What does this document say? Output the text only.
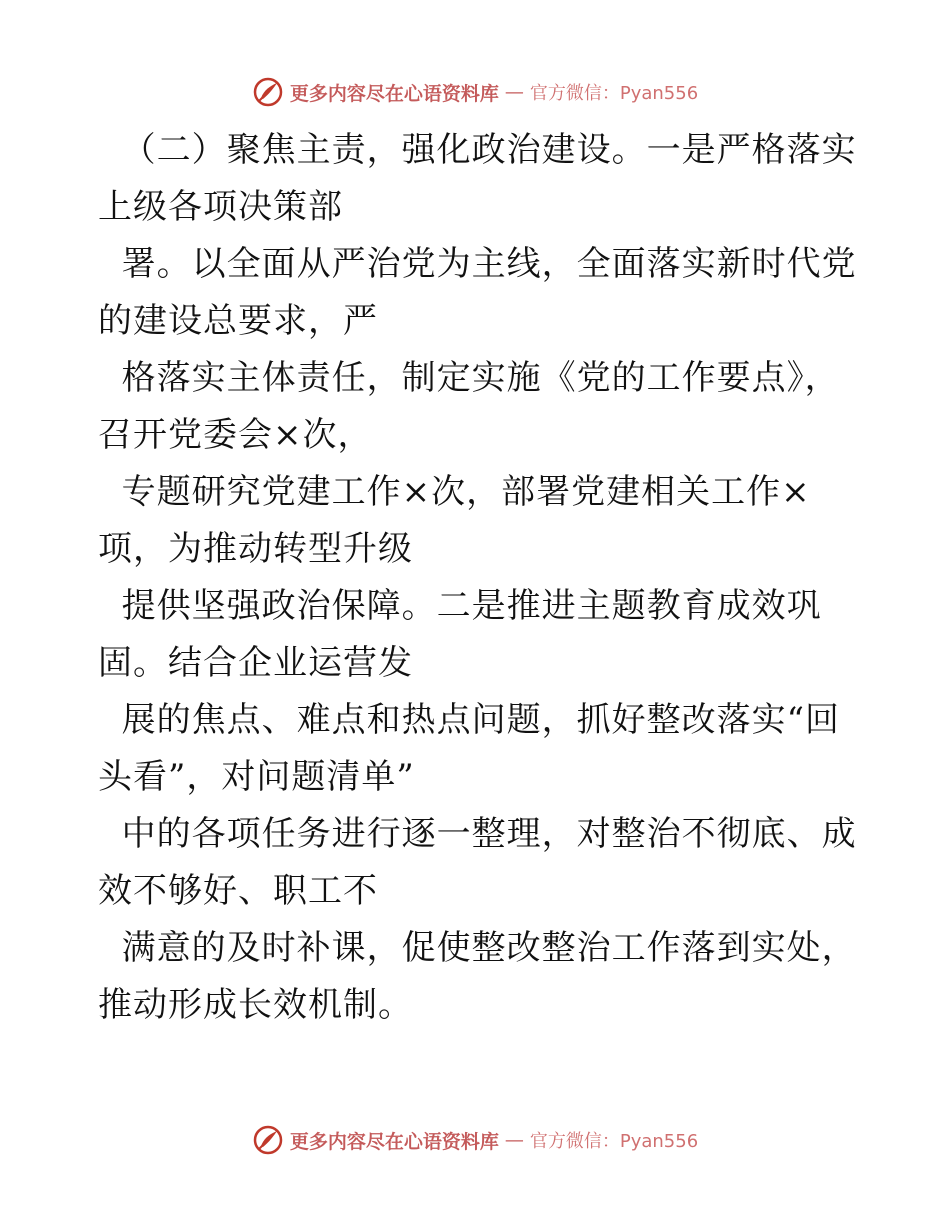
更多内容尽在心语资料库 — 官方微信：Pyan556

（二）聚焦主责，强化政治建设。一是严格落实上级各项决策部

署。以全面从严治党为主线，全面落实新时代党的建设总要求，严

格落实主体责任，制定实施《党的工作要点》，召开党委会×次，

专题研究党建工作×次，部署党建相关工作×项，为推动转型升级

提供坚强政治保障。二是推进主题教育成效巩固。结合企业运营发

展的焦点、难点和热点问题，抓好整改落实“回头看”，对问题清单”

中的各项任务进行逐一整理，对整治不彻底、成效不够好、职工不

满意的及时补课，促使整改整治工作落到实处，推动形成长效机制。

更多内容尽在心语资料库 — 官方微信：Pyan556
